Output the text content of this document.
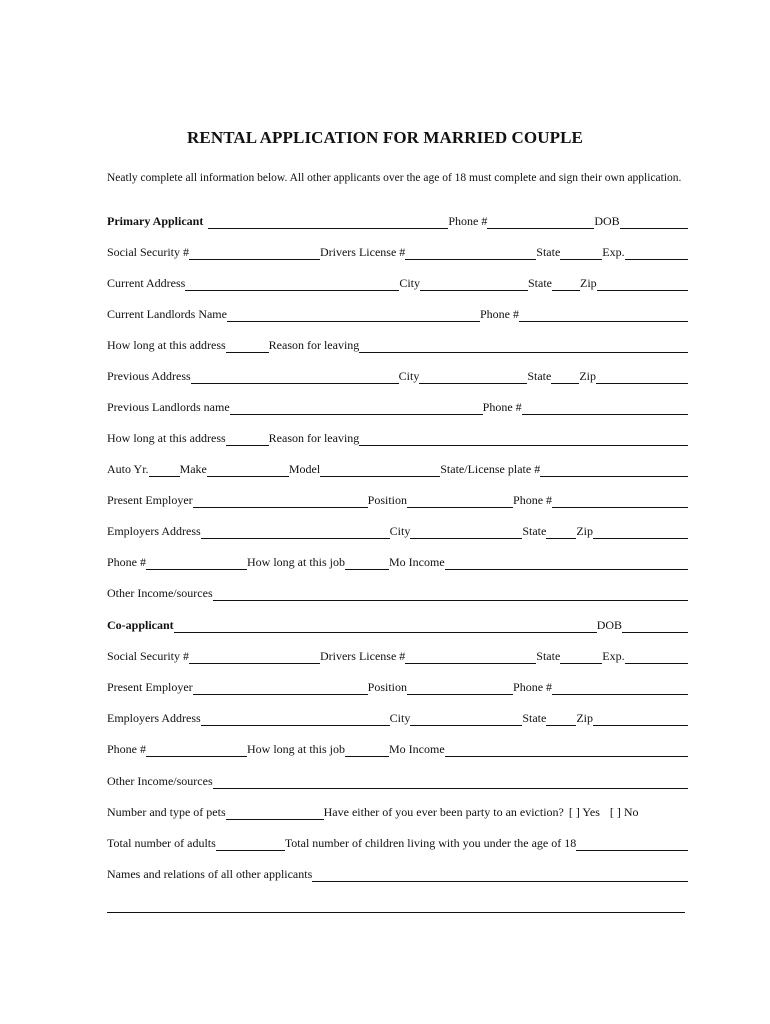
RENTAL APPLICATION FOR MARRIED COUPLE
Neatly complete all information below. All other applicants over the age of 18 must complete and sign their own application.
Primary Applicant	Phone #	DOB
Social Security #	Drivers License #	State	Exp.
Current Address	City	State Zip
Current Landlords Name	Phone #
How long at this address	Reason for leaving
Previous Address	City	State Zip
Previous Landlords name	Phone #
How long at this address	Reason for leaving
Auto Yr.	Make	Model	State/License plate #
Present Employer	Position	Phone #
Employers Address	City	State	Zip
Phone #	How long at this job	Mo Income
Other Income/sources
Co-applicant	DOB
Social Security #	Drivers License #	State	Exp.
Present Employer	Position	Phone #
Employers Address	City	State	Zip
Phone #	How long at this job	Mo Income
Other Income/sources
Number and type of pets	Have either of you ever been party to an eviction? [ ] Yes [ ] No
Total number of adults	Total number of children living with you under the age of 18
Names and relations of all other applicants
